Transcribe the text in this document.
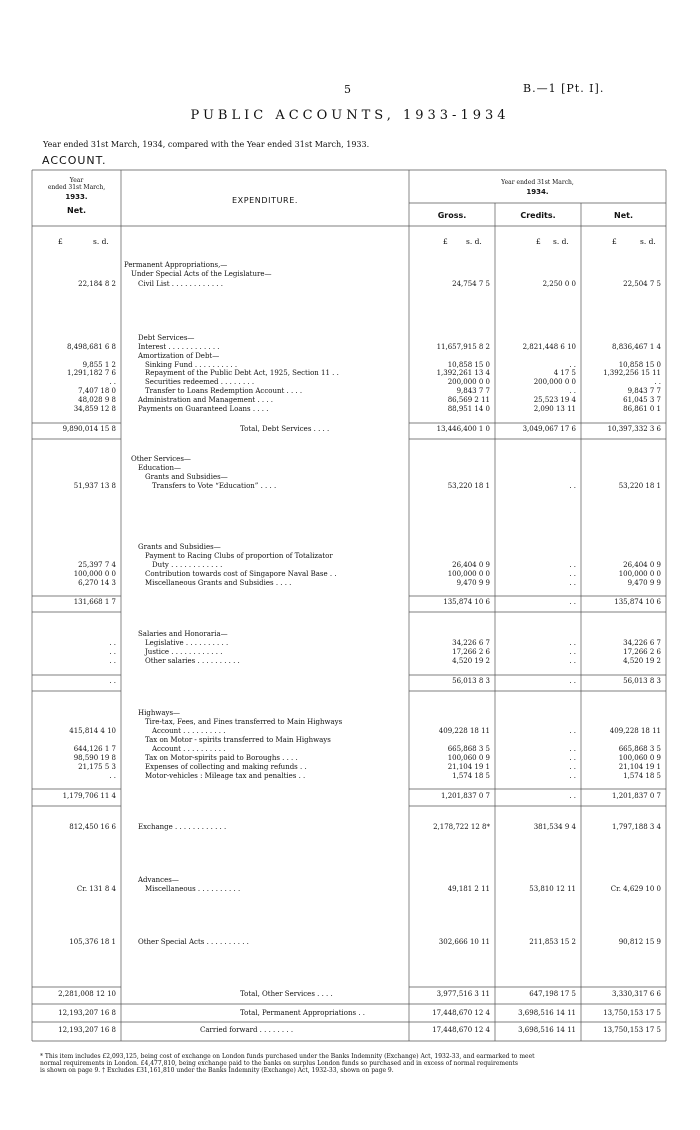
5	B.—1 [Pt. I].
PUBLIC ACCOUNTS, 1933-1934
Year ended 31st March, 1934, compared with the Year ended 31st March, 1933.
ACCOUNT.
Year
ended 31st March,
1933.
Net.
EXPENDITURE.
Year ended 31st March,
1934.
Gross.	Credits.	Net.
£	s. d.	£ s. d.	£ s. d.	£	s. d.
Permanent Appropriations,—
Under Special Acts of the Legislature—
Civil List . . . . . . . . . . . .
22,184 8 2	24,754 7 5	2,250 0 0	22,504 7 5
Debt Services—
Interest . . . . . . . . . . . .
8,498,681 6 8	11,657,915 8 2	2,821,448 6 10	8,836,467 1 4
Amortization of Debt—
Sinking Fund . . . . . . . . . .
9,855 1 2	10,858 15 0	. .	10,858 15 0
Repayment of the Public Debt Act, 1925, Section 11 . .
1,291,182 7 6	1,392,261 13 4	4 17 5	1,392,256 15 11
Securities redeemed . . . . . . . .
. .	200,000 0 0	200,000 0 0	. .
Transfer to Loans Redemption Account . . . .
7,407 18 0	9,843 7 7	. .	9,843 7 7
Administration and Management . . . .
48,028 9 8	86,569 2 11	25,523 19 4	61,045 3 7
Payments on Guaranteed Loans . . . .
34,859 12 8	88,951 14 0	2,090 13 11	86,861 0 1
Total, Debt Services . . . .
9,890,014 15 8	13,446,400 1 0	3,049,067 17 6	10,397,332 3 6
Other Services—
Education—
Grants and Subsidies—
Transfers to Vote “Education” . . . .
51,937 13 8	53,220 18 1	. .	53,220 18 1
Grants and Subsidies—
Payment to Racing Clubs of proportion of Totalizator
Duty . . . . . . . . . . . .
25,397 7 4	26,404 0 9	. .	26,404 0 9
Contribution towards cost of Singapore Naval Base . .
100,000 0 0	100,000 0 0	. .	100,000 0 0
Miscellaneous Grants and Subsidies . . . .
6,270 14 3	9,470 9 9	. .	9,470 9 9
131,668 1 7	135,874 10 6	. .	135,874 10 6
Salaries and Honoraria—
Legislative . . . . . . . . . .
. .	34,226 6 7	. .	34,226 6 7
Justice . . . . . . . . . . . .
. .	17,266 2 6	. .	17,266 2 6
Other salaries . . . . . . . . . .
. .	4,520 19 2	. .	4,520 19 2
. .	56,013 8 3	. .	56,013 8 3
Highways—
Tire-tax, Fees, and Fines transferred to Main Highways
Account . . . . . . . . . .
415,814 4 10	409,228 18 11	. .	409,228 18 11
Tax on Motor - spirits transferred to Main Highways
Account . . . . . . . . . .
644,126 1 7	665,868 3 5	. .	665,868 3 5
Tax on Motor-spirits paid to Boroughs . . . .
98,590 19 8	100,060 0 9	. .	100,060 0 9
Expenses of collecting and making refunds . .
21,175 5 3	21,104 19 1	. .	21,104 19 1
Motor-vehicles : Mileage tax and penalties . .
. .	1,574 18 5	. .	1,574 18 5
1,179,706 11 4	1,201,837 0 7	. .	1,201,837 0 7
Exchange . . . . . . . . . . . .
812,450 16 6	2,178,722 12 8*	381,534 9 4	1,797,188 3 4
Advances—
Miscellaneous . . . . . . . . . .
Cr. 131 8 4	49,181 2 11	53,810 12 11	Cr. 4,629 10 0
Other Special Acts . . . . . . . . . .
105,376 18 1	302,666 10 11	211,853 15 2	90,812 15 9
Total, Other Services . . . .
2,281,008 12 10	3,977,516 3 11	647,198 17 5	3,330,317 6 6
Total, Permanent Appropriations . .
12,193,207 16 8	17,448,670 12 4	3,698,516 14 11	13,750,153 17 5
Carried forward . . . . . . . .
12,193,207 16 8	17,448,670 12 4	3,698,516 14 11	13,750,153 17 5
* This item includes £2,093,125, being cost of exchange on London funds purchased under the Banks Indemnity (Exchange) Act, 1932-33, and earmarked to meet
normal requirements in London. £4,477,810, being exchange paid to the banks on surplus London funds so purchased and in excess of normal requirements
is shown on page 9. † Excludes £31,161,810 under the Banks Indemnity (Exchange) Act, 1932-33, shown on page 9.
